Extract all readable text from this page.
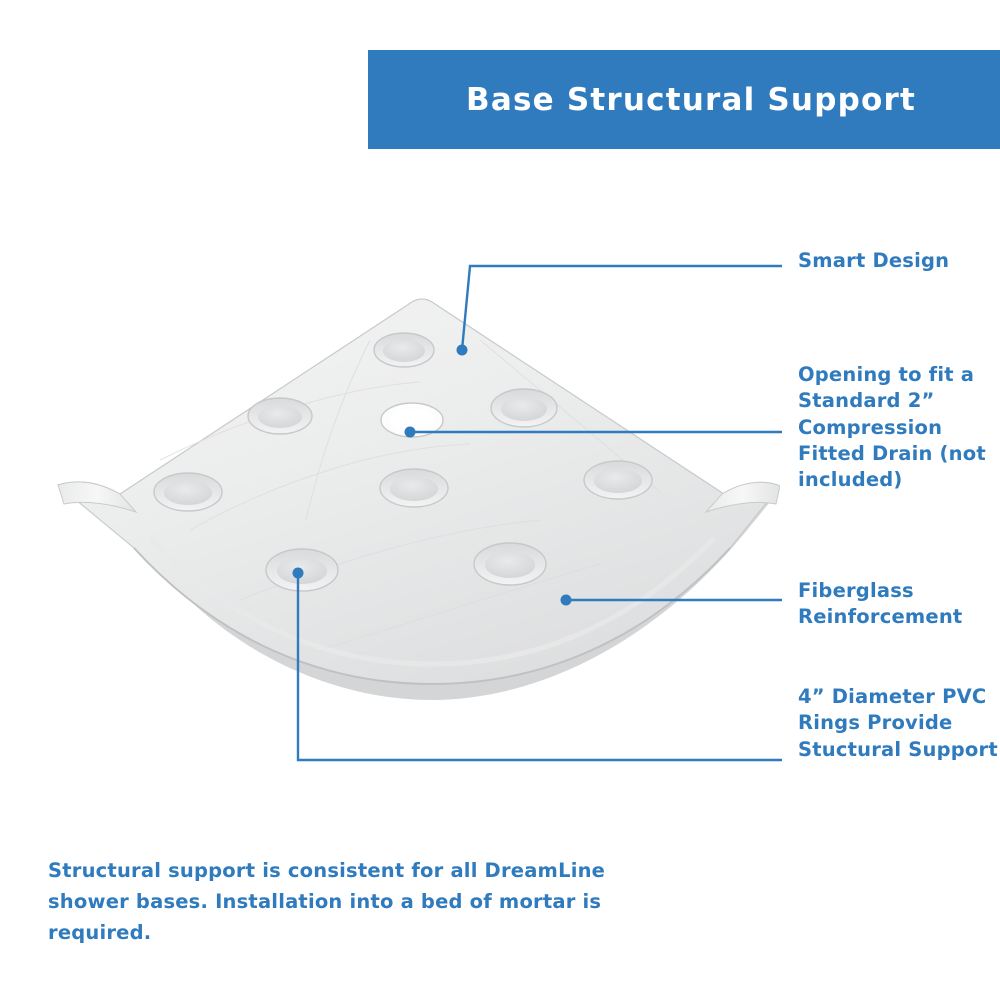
Base Structural Support
Smart Design
Opening to fit a Standard 2” Compression Fitted Drain (not included)
Fiberglass Reinforcement
4” Diameter PVC Rings Provide Stuctural Support
Structural support is consistent for all DreamLine shower bases. Installation into a bed of mortar is required.
